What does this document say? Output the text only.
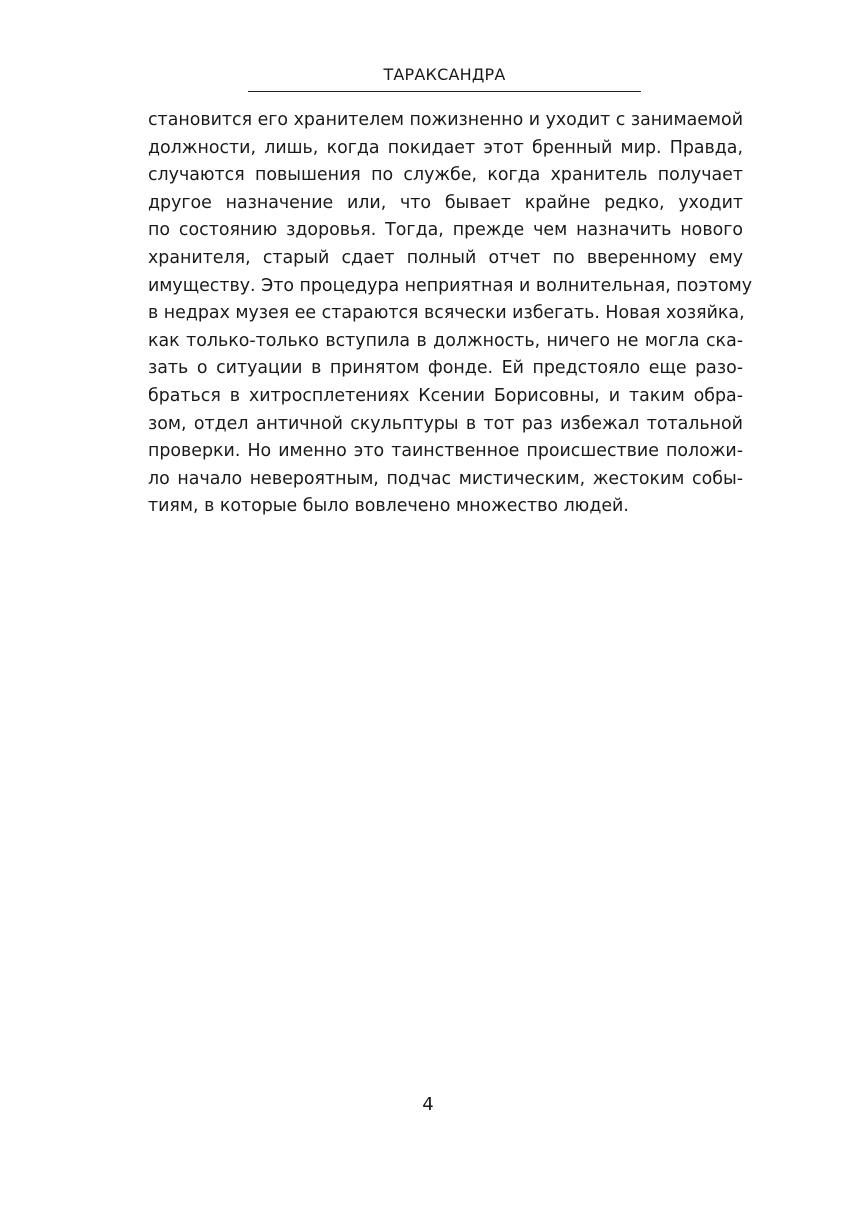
ТАРАКСАНДРА
становится его хранителем пожизненно и уходит с занимаемой
должности, лишь, когда покидает этот бренный мир. Правда,
случаются повышения по службе, когда хранитель получает
другое назначение или, что бывает крайне редко, уходит
по состоянию здоровья. Тогда, прежде чем назначить нового
хранителя, старый сдает полный отчет по вверенному ему
имуществу. Это процедура неприятная и волнительная, поэтому
в недрах музея ее стараются всячески избегать. Новая хозяйка,
как только-только вступила в должность, ничего не могла ска-
зать о ситуации в принятом фонде. Ей предстояло еще разо-
браться в хитросплетениях Ксении Борисовны, и таким обра-
зом, отдел античной скульптуры в тот раз избежал тотальной
проверки. Но именно это таинственное происшествие положи-
ло начало невероятным, подчас мистическим, жестоким собы-
тиям, в которые было вовлечено множество людей.
4
